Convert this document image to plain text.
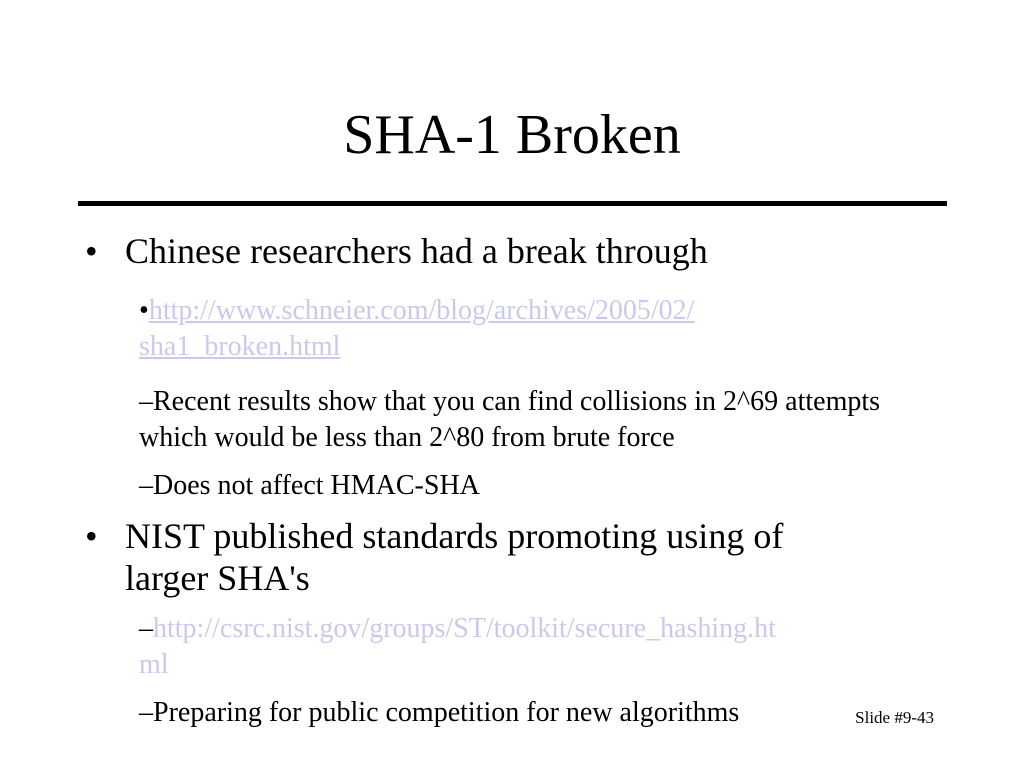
SHA-1 Broken
• Chinese researchers had a break through
•http://www.schneier.com/blog/archives/2005/02/
sha1_broken.html
–Recent results show that you can find collisions in 2^69 attempts which would be less than 2^80 from brute force
–Does not affect HMAC-SHA
• NIST published standards promoting using of larger SHA's
–http://csrc.nist.gov/groups/ST/toolkit/secure_hashing.ht
ml
–Preparing for public competition for new algorithms	Slide #9-43
